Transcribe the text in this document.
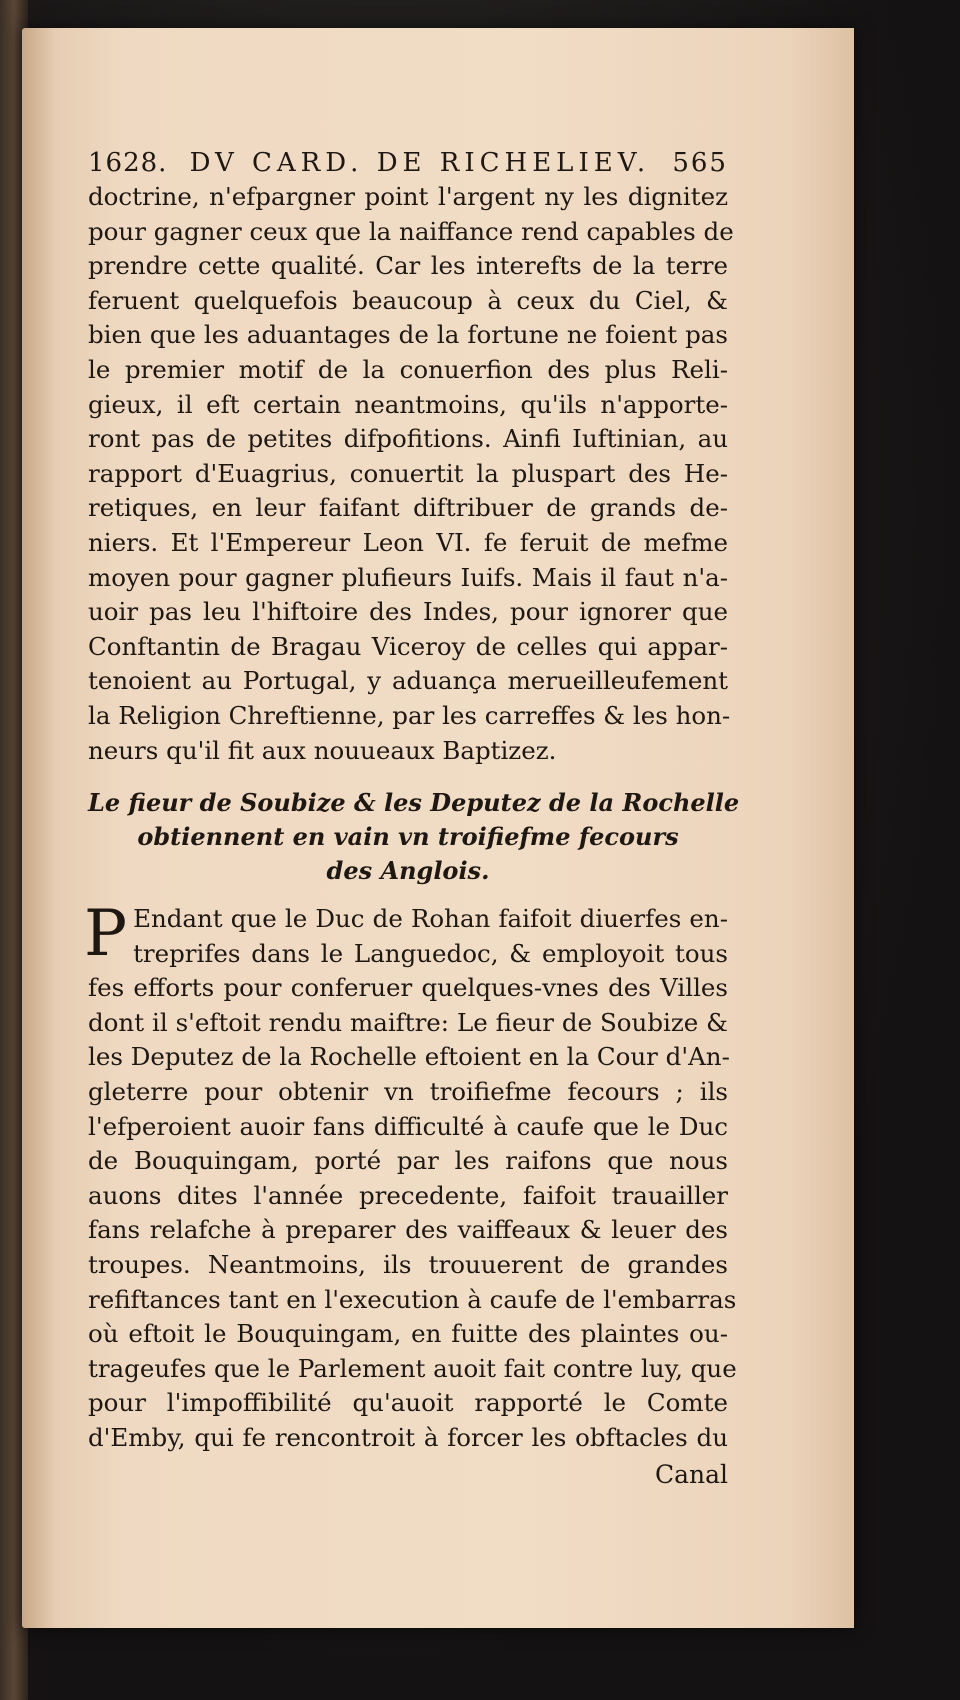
1628. DV CARD. DE RICHELIEV. 565

doctrine, n'efpargner point l'argent ny les dignitez
pour gagner ceux que la naiffance rend capables de
prendre cette qualité. Car les interefts de la terre
feruent quelquefois beaucoup à ceux du Ciel, &
bien que les aduantages de la fortune ne foient pas
le premier motif de la conuerfion des plus Reli-
gieux, il eft certain neantmoins, qu'ils n'apporte-
ront pas de petites difpofitions. Ainfi Iuftinian, au
rapport d'Euagrius, conuertit la pluspart des He-
retiques, en leur faifant diftribuer de grands de-
niers. Et l'Empereur Leon VI. fe feruit de mefme
moyen pour gagner plufieurs Iuifs. Mais il faut n'a-
uoir pas leu l'hiftoire des Indes, pour ignorer que
Conftantin de Bragau Viceroy de celles qui appar-
tenoient au Portugal, y aduança merueilleufement
la Religion Chreftienne, par les carreffes & les hon-
neurs qu'il fit aux nouueaux Baptizez.

Le fieur de Soubize & les Deputez de la Rochelle
obtiennent en vain vn troifiefme fecours
des Anglois.

P Endant que le Duc de Rohan faifoit diuerfes en-
treprifes dans le Languedoc, & employoit tous
fes efforts pour conferuer quelques-vnes des Villes
dont il s'eftoit rendu maiftre: Le fieur de Soubize &
les Deputez de la Rochelle eftoient en la Cour d'An-
gleterre pour obtenir vn troifiefme fecours ; ils
l'efperoient auoir fans difficulté à caufe que le Duc
de Bouquingam, porté par les raifons que nous
auons dites l'année precedente, faifoit trauailler
fans relafche à preparer des vaiffeaux & leuer des
troupes. Neantmoins, ils trouuerent de grandes
refiftances tant en l'execution à caufe de l'embarras
où eftoit le Bouquingam, en fuitte des plaintes ou-
trageufes que le Parlement auoit fait contre luy, que
pour l'impoffibilité qu'auoit rapporté le Comte
d'Emby, qui fe rencontroit à forcer les obftacles du

Canal
